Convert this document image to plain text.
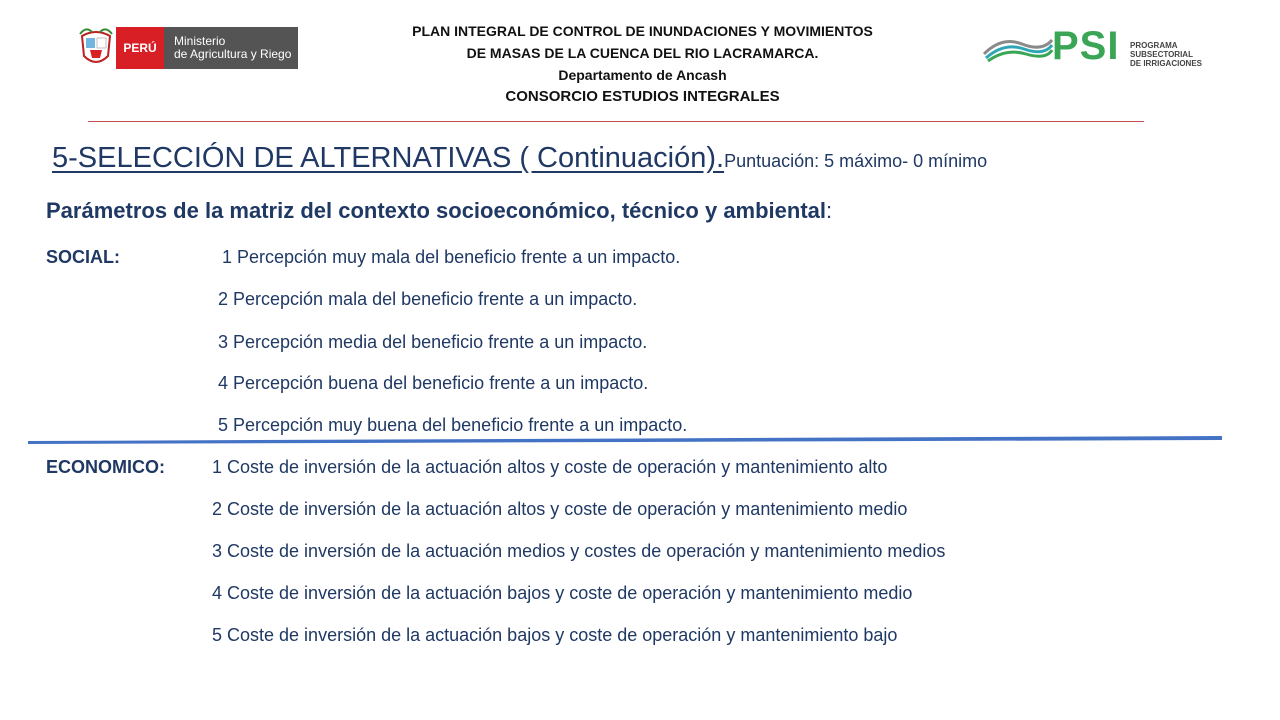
PERÚ	Ministerio
de Agricultura y Riego
PLAN INTEGRAL DE CONTROL DE INUNDACIONES Y MOVIMIENTOS
DE MASAS DE LA CUENCA DEL RIO LACRAMARCA.
Departamento de Ancash
CONSORCIO ESTUDIOS INTEGRALES
PSI PROGRAMA
SUBSECTORIAL
DE IRRIGACIONES
5-SELECCIÓN DE ALTERNATIVAS ( Continuación).Puntuación: 5 máximo- 0 mínimo
Parámetros de la matriz del contexto socioeconómico, técnico y ambiental:
SOCIAL:	1 Percepción muy mala del beneficio frente a un impacto.
2 Percepción mala del beneficio frente a un impacto.
3 Percepción media del beneficio frente a un impacto.
4 Percepción buena del beneficio frente a un impacto.
5 Percepción muy buena del beneficio frente a un impacto.
ECONOMICO:	1 Coste de inversión de la actuación altos y coste de operación y mantenimiento alto
2 Coste de inversión de la actuación altos y coste de operación y mantenimiento medio
3 Coste de inversión de la actuación medios y costes de operación y mantenimiento medios
4 Coste de inversión de la actuación bajos y coste de operación y mantenimiento medio
5 Coste de inversión de la actuación bajos y coste de operación y mantenimiento bajo
